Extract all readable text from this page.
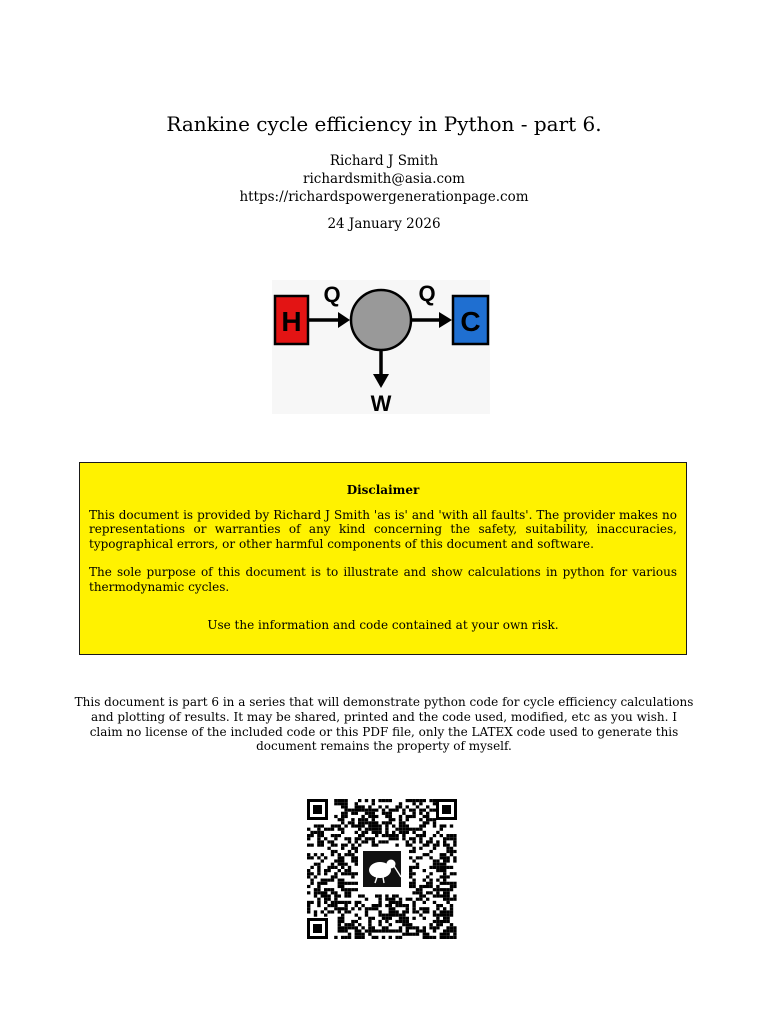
Rankine cycle efficiency in Python - part 6.
Richard J Smith
richardsmith@asia.com
https://richardspowergenerationpage.com
24 January 2026
H
Q	Q
C
W
Disclaimer
This document is provided by Richard J Smith 'as is' and 'with all faults'. The provider makes no representations or warranties of any kind concerning the safety, suitability, inaccuracies, typographical errors, or other harmful components of this document and software.
The sole purpose of this document is to illustrate and show calculations in python for various thermodynamic cycles.
Use the information and code contained at your own risk.
This document is part 6 in a series that will demonstrate python code for cycle efficiency calculations and plotting of results. It may be shared, printed and the code used, modified, etc as you wish. I claim no license of the included code or this PDF file, only the LATEX code used to generate this document remains the property of myself.
